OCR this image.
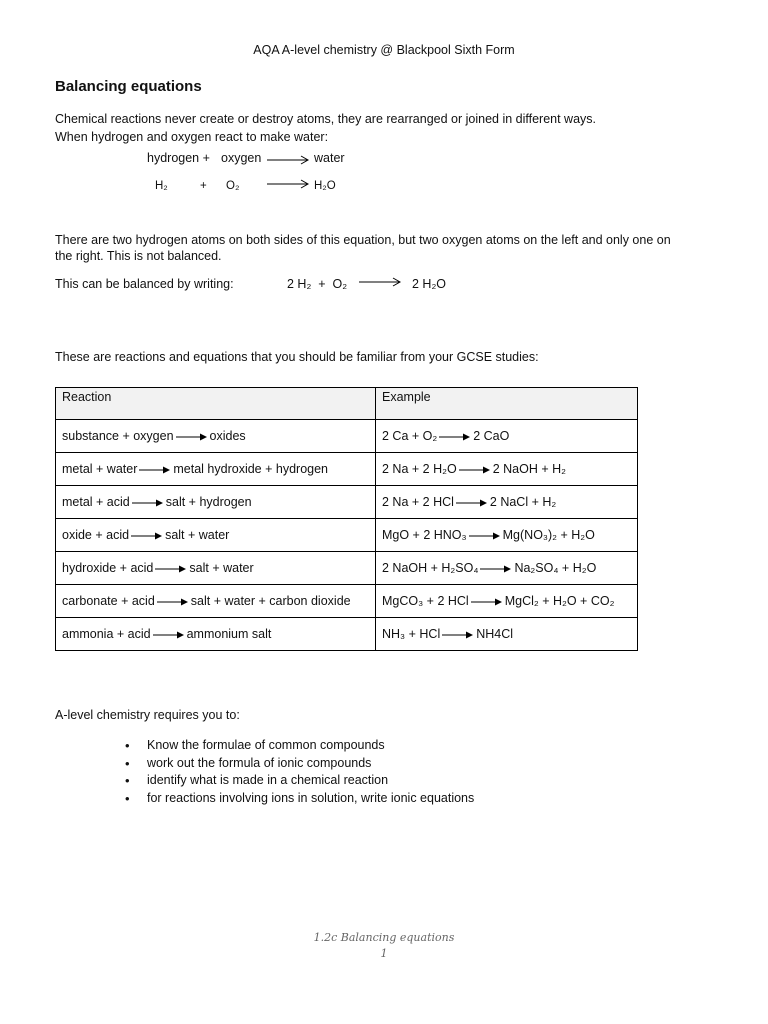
AQA A-level chemistry @ Blackpool Sixth Form
Balancing equations
Chemical reactions never create or destroy atoms, they are rearranged or joined in different ways.
When hydrogen and oxygen react to make water:
hydrogen + oxygen	water
H₂	+ O₂	H₂O
There are two hydrogen atoms on both sides of this equation, but two oxygen atoms on the left and only one on
the right. This is not balanced.
This can be balanced by writing:	2 H₂  +  O₂	2 H₂O
These are reactions and equations that you should be familiar from your GCSE studies:
Reaction	Example
substance + oxygen oxides	2 Ca + O₂ 2 CaO
metal + water metal hydroxide + hydrogen	2 Na + 2 H₂O 2 NaOH + H₂
metal + acid salt + hydrogen	2 Na + 2 HCl 2 NaCl + H₂
oxide + acid salt + water	MgO + 2 HNO₃ Mg(NO₃)₂ + H₂O
hydroxide + acid salt + water	2 NaOH + H₂SO₄ Na₂SO₄ + H₂O
carbonate + acid salt + water + carbon dioxide	MgCO₃ + 2 HCl MgCl₂ + H₂O + CO₂
ammonia + acid ammonium salt	NH₃ + HCl NH4Cl
A-level chemistry requires you to:
• Know the formulae of common compounds
• work out the formula of ionic compounds
• identify what is made in a chemical reaction
• for reactions involving ions in solution, write ionic equations
1.2c Balancing equations
1
